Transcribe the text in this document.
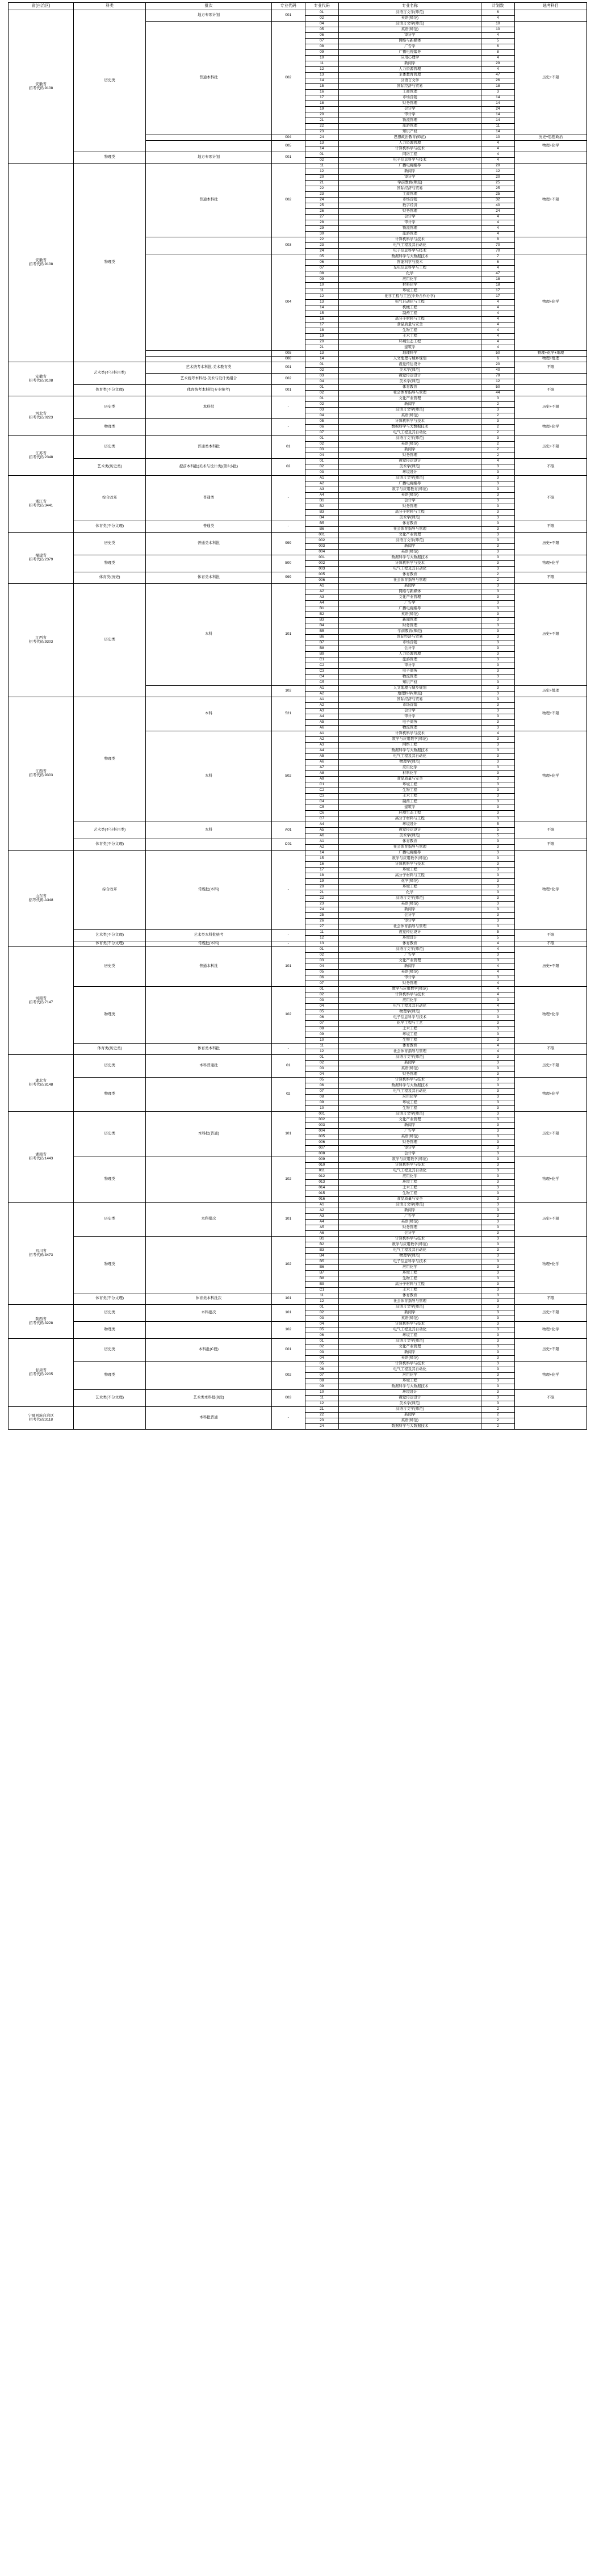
省(自治区)	科类	批次	专业代码	专业代码	专业名称	计划数	选考科目

安徽省
招考代码:9108	历史类	地方专项计划	001	01	汉语言文学(师范)	6	
				02	英语(师范)	4	
		普通本科批	002	04	汉语言文学(师范)	10	历史+不限
				05	英语(师范)	10	
				06	审计学	4	
				07	网络与新媒体	5	
				08	广告学	6	
				09	广播电视编导	8	
				10	应用心理学	4	
				11	新闻学	29	
				12	人力资源管理	4	
				13	主体教育管理	47	
				14	汉语言文学	26	
				15	国际经济与贸易	18	
				16	工商管理	3	
				17	市场营销	14	
				18	财务管理	14	
				19	会计学	24	
				20	审计学	14	
				21	物流管理	14	
				22	旅游管理	11	
				23	知识产权	14	
			004	24	思想政治教育(师范)	10	历史+思想政治
			005	13	人力资源管理	4	物理+化学
				14	计算机科学与技术	4	
	物理类	地方专项计划	001	01	网络工程	4	
				02	电子信息科学与技术	4	

安徽省
招考代码:9108	物理类	普通本科批	002	11	广播电视编导	20	物理+不限
				12	新闻学	12	
				20	审计学	20	
				21	学前教育(师范)	25	
				22	国际经济与贸易	25	
				23	工商管理	25	
				24	市场营销	32	
				25	数字经济	40	
				26	财务管理	24	
				27	会计学	4	
				28	审计学	4	
				29	物流管理	4	
				30	旅游管理	4	
			003	22	计算机科学与技术	8	
				23	电气工程及其自动化	70	
				24	电子信息科学与技术	70	
			004	05	数据科学与大数据技术	7	物理+化学
				06	智能科学与技术	6	
				07	光电信息科学与工程	4	
				08	化学	47	
				09	应用化学	18	
				10	材料化学	18	
				11	环境工程	17	
				12	化学工程与工艺(中外合作办学)	17	
				13	电气自动化与工程	4	
				14	机械工程	4	
				15	制药工程	4	
				16	高分子材料与工程	4	
				17	食品质量与安全	4	
				18	生物工程	4	
				19	土木工程	4	
				20	环境生态工程	4	
				21	建筑学	4	
			005	13	地理科学	50	物理+化学+地理
			006	14	人文地理与城乡规划	6	物理+地理

安徽省
招考代码:9108	艺术类(不分科目类)	艺术统考本科批-美术教育类	001	01	视觉传达设计	20	不限
				02	美术学(师范)	40	
		艺术统考本科批-美术与设计类组合	002	03	视觉传达设计	79	
				04	美术学(师范)	12	
	体育类(不分文理)	体育统考本科批(专业统考)	001	01	体育教育	50	不限
				02	社会体育指导与管理	44	

河北省
招考代码:0223	历史类	本科批	-	01	文化产业管理	3	历史+不限
				02	新闻学	2	
				03	汉语言文学(师范)	3	
				04	英语(师范)	2	
	物理类		-	05	计算机科学与技术	3	物理+化学
				06	数据科学与大数据技术	2	
				07	电气工程及其自动化	2	

江苏省
招考代码:2348	历史类	普通类本科批	01	01	汉语言文学(师范)	3	历史+不限
				02	英语(师范)	2	
				03	新闻学	2	
				04	财务管理	2	
	艺术类(历史类)	提前本科批(美术与设计类)(第2小批)	02	01	视觉传达设计	4	不限
				02	美术学(师范)	3	
				03	环境设计	3	

浙江省
招考代码:3441	综合改革	普通类	-	A1	汉语言文学(师范)	3	不限
				A2	广播电视编导	3	
				A3	数字与应用教育(师范)	3	
				A4	英语(师范)	3	
				B1	会计学	3	
				B2	财务管理	3	
				B3	高分子材料与工程	3	
				B4	美术学(师范)	3	
	体育类(不分文理)	普通类	-	B5	体育教育	3	不限
				B6	社会体育指导与管理	3	

福建省
招考代码:2379	历史类	普通类本科批	999	001	文化产业管理	3	历史+不限
				002	汉语言文学(师范)	3	
				003	新闻学	3	
				004	英语(师范)	3	
	物理类		500	001	数据科学与大数据技术	3	物理+化学
				002	计算机科学与技术	3	
				003	电气工程及其自动化	3	
	体育类(历史)	体育类本科批	999	005	体育教育	2	不限
				006	社会体育指导与管理	2	

江西省
招考代码:9303	历史类	本科	101	A1	新闻学	3	历史+不限
				A2	网络与新媒体	3	
				A3	文化产业管理	3	
				A4	广告学	3	
				B1	广播电视编导	3	
				B2	英语(师范)	3	
				B3	新闻管理	3	
				B4	财务管理	3	
				B5	学前教育(师范)	3	
				B6	国际经济与贸易	3	
				B7	市场营销	3	
				B8	会计学	3	
				B9	人力资源管理	3	
				C1	旅游管理	3	
				C2	审计学	3	
				C3	电子商务	3	
				C4	物流管理	3	
				C5	知识产权	3	
			102	A1	人文地理与城乡规划	3	历史+地理
				A2	地理科学(师范)	3	

江西省
招考代码:9303	物理类	本科	521	A1	国际经济与贸易	3	物理+不限
				A2	市场营销	3	
				A3	会计学	3	
				A4	审计学	3	
				A5	电子商务	3	
				A6	物流管理	3	
		本科	502	A1	计算机科学与技术	4	物理+化学
				A2	数学与应用数学(师范)	3	
				A3	网络工程	3	
				A4	数据科学与大数据技术	3	
				A5	电气工程及其自动化	3	
				A6	物理学(师范)	3	
				A7	应用化学	3	
				A8	材料化学	3	
				A9	食品质量与安全	3	
				C1	环境工程	3	
				C2	生物工程	3	
				C3	土木工程	3	
				C4	制药工程	3	
				C5	建筑学	3	
				C6	环境生态工程	3	
				C7	高分子材料与工程	3	
	艺术类(不分科目类)	本科	A01	A4	环境设计	5	不限
				A5	视觉传达设计	5	
				A6	美术学(师范)	5	
	体育类(不分文理)		C01	A1	体育教育	3	不限
				A2	社会体育指导与管理	3	

山东省
招考代码:A348	综合改革	常规批(本科)	-	14	广播电视编导	3	物理+化学
				15	数学与应用数学(师范)	3	
				16	计算机科学与技术	3	
				17	环境工程	3	
				18	高分子材料与工程	3	
				19	化学(师范)	3	
				20	环境工程	3	
				21	化学	3	
				22	汉语言文学(师范)	3	
				23	英语(师范)	3	
				24	新闻学	3	
				25	会计学	3	
				26	审计学	3	
				27	社会体育指导与管理	3	
	艺术类(不分文理)	艺术类本科批统考	-	11	视觉传达设计	5	不限
				12	环境设计	5	
	体育类(不分文理)	常规批(本科)	-	13	体育教育	4	不限

河南省
招考代码:7147	历史类	普通本科批	101	01	汉语言文学(师范)	4	历史+不限
				02	广告学	3	
				03	文化产业管理	3	
				04	新闻学	4	
				05	英语(师范)	4	
				06	审计学	3	
				07	财务管理	4	
	物理类		102	01	数学与应用数学(师范)	4	物理+化学
				02	计算机科学与技术	4	
				03	应用化学	3	
				04	电气工程及其自动化	4	
				05	物理学(师范)	3	
				06	电子信息科学与技术	3	
				07	化学工程与工艺	3	
				08	土木工程	3	
				09	环境工程	3	
				10	生物工程	3	
	体育类(历史类)	体育类本科批	-	11	体育教育	4	不限
				12	社会体育指导与管理	4	

湖北省
招考代码:8148	历史类	本科普通批	01	01	汉语言文学(师范)	3	历史+不限
				02	新闻学	3	
				03	英语(师范)	3	
				04	财务管理	3	
	物理类		02	05	计算机科学与技术	3	物理+化学
				06	数据科学与大数据技术	3	
				07	电气工程及其自动化	3	
				08	应用化学	3	
				09	环境工程	3	
				10	生物工程	3	

湖南省
招考代码:1443	历史类	本科批(普通)	101	001	汉语言文学(师范)	3	历史+不限
				002	文化产业管理	3	
				003	新闻学	3	
				004	广告学	3	
				005	英语(师范)	3	
				006	财务管理	3	
				007	审计学	3	
				008	会计学	3	
	物理类		102	009	数学与应用数学(师范)	3	物理+化学
				010	计算机科学与技术	3	
				011	电气工程及其自动化	3	
				012	应用化学	3	
				013	环境工程	3	
				014	土木工程	3	
				015	生物工程	3	
				016	食品质量与安全	3	

四川省
招考代码:3473	历史类	本科批次	101	A1	汉语言文学(师范)	3	历史+不限
				A2	新闻学	3	
				A3	广告学	3	
				A4	英语(师范)	3	
				A5	财务管理	3	
				A6	会计学	3	
	物理类		102	B1	计算机科学与技术	3	物理+化学
				B2	数学与应用数学(师范)	3	
				B3	电气工程及其自动化	3	
				B4	物理学(师范)	3	
				B5	电子信息科学与技术	3	
				B6	应用化学	3	
				B7	环境工程	3	
				B8	生物工程	3	
				B9	高分子材料与工程	3	
				C1	土木工程	3	
	体育类(不分文理)	体育类本科批次	101	11	体育教育	3	不限
				12	社会体育指导与管理	3	

陕西省
招考代码:3228	历史类	本科批次	101	01	汉语言文学(师范)	3	历史+不限
				02	新闻学	3	
				03	英语(师范)	3	
	物理类		102	04	计算机科学与技术	3	物理+化学
				05	电气工程及其自动化	3	
				06	环境工程	3	

甘肃省
招考代码:2205	历史类	本科批(C段)	001	01	汉语言文学(师范)	3	历史+不限
				02	文化产业管理	3	
				03	新闻学	3	
				04	英语(师范)	3	
	物理类		002	05	计算机科学与技术	3	物理+化学
				06	电气工程及其自动化	3	
				07	应用化学	3	
				08	环境工程	3	
				09	数据科学与大数据技术	3	
	艺术类(不分文理)	艺术类本科批(B段)	003	10	环境设计	3	不限
				11	视觉传达设计	3	
				12	美术学(师范)	3	

宁夏回族自治区
招考代码:3118		本科批普通	-	21	汉语言文学(师范)	2	
				22	新闻学	2	
				23	英语(师范)	2	
				24	数据科学与大数据技术	2	
